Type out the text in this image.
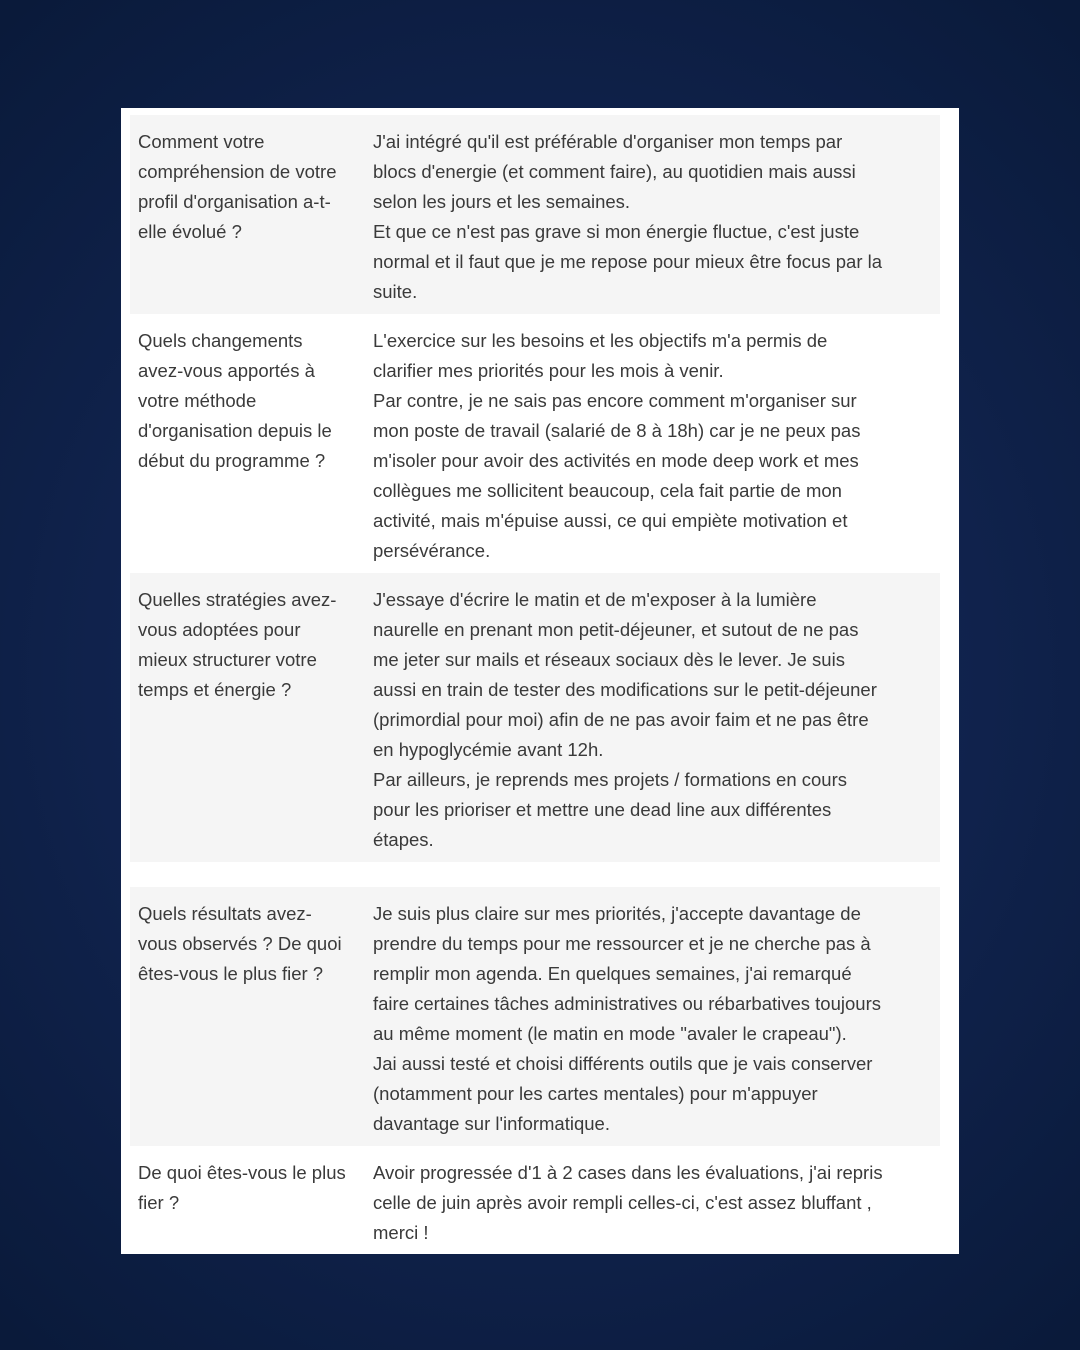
Comment votre
compréhension de votre
profil d'organisation a-t-
elle évolué ?

J'ai intégré qu'il est préférable d'organiser mon temps par
blocs d'energie (et comment faire), au quotidien mais aussi
selon les jours et les semaines.

Et que ce n'est pas grave si mon énergie fluctue, c'est juste
normal et il faut que je me repose pour mieux être focus par la
suite.

Quels changements
avez-vous apportés à
votre méthode
d'organisation depuis le
début du programme ?

L'exercice sur les besoins et les objectifs m'a permis de
clarifier mes priorités pour les mois à venir.

Par contre, je ne sais pas encore comment m'organiser sur
mon poste de travail (salarié de 8 à 18h) car je ne peux pas
m'isoler pour avoir des activités en mode deep work et mes
collègues me sollicitent beaucoup, cela fait partie de mon
activité, mais m'épuise aussi, ce qui empiète motivation et
persévérance.

Quelles stratégies avez-
vous adoptées pour
mieux structurer votre
temps et énergie ?

J'essaye d'écrire le matin et de m'exposer à la lumière
naurelle en prenant mon petit-déjeuner, et sutout de ne pas
me jeter sur mails et réseaux sociaux dès le lever. Je suis
aussi en train de tester des modifications sur le petit-déjeuner
(primordial pour moi) afin de ne pas avoir faim et ne pas être
en hypoglycémie avant 12h.

Par ailleurs, je reprends mes projets / formations en cours
pour les prioriser et mettre une dead line aux différentes
étapes.

Quels résultats avez-
vous observés ? De quoi
êtes-vous le plus fier ?

Je suis plus claire sur mes priorités, j'accepte davantage de
prendre du temps pour me ressourcer et je ne cherche pas à
remplir mon agenda. En quelques semaines, j'ai remarqué
faire certaines tâches administratives ou rébarbatives toujours
au même moment (le matin en mode "avaler le crapeau").

Jai aussi testé et choisi différents outils que je vais conserver
(notamment pour les cartes mentales) pour m'appuyer
davantage sur l'informatique.

De quoi êtes-vous le plus
fier ?

Avoir progressée d'1 à 2 cases dans les évaluations, j'ai repris
celle de juin après avoir rempli celles-ci, c'est assez bluffant ,
merci !
